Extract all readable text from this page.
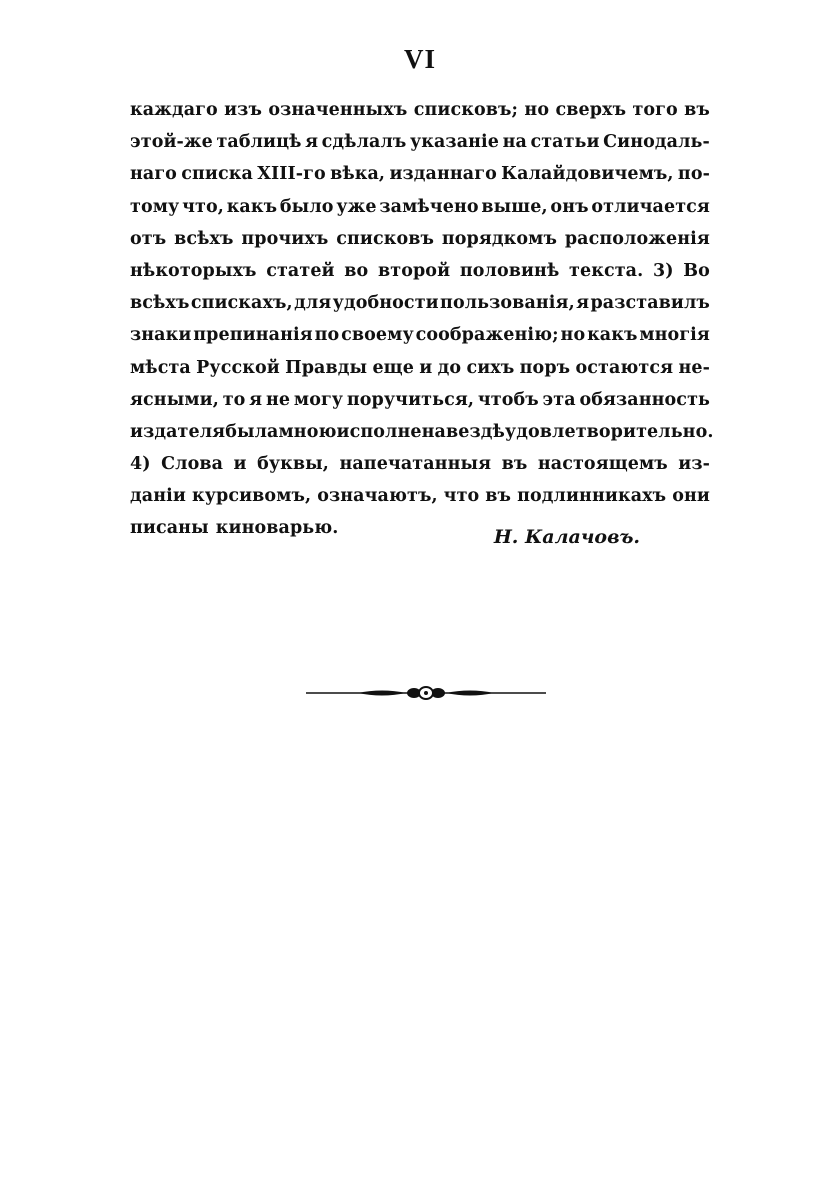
VI
каждаго изъ означенныхъ списковъ; но сверхъ того въ
этой-же таблицѣ я сдѣлалъ указаніе на статьи Синодаль-
наго списка XIII-го вѣка, изданнаго Калайдовичемъ, по-
тому что, какъ было уже замѣчено выше, онъ отличается
отъ всѣхъ прочихъ списковъ порядкомъ расположенія
нѣкоторыхъ статей во второй половинѣ текста. 3) Во
всѣхъ спискахъ, для удобности пользованія, я разставилъ
знаки препинанія по своему соображенію; но какъ многія
мѣста Русской Правды еще и до сихъ поръ остаются не-
ясными, то я не могу поручиться, чтобъ эта обязанность
издателя была мною исполнена вездѣ удовлетворительно.
4) Слова и буквы, напечатанныя въ настоящемъ из-
даніи курсивомъ, означаютъ, что въ подлинникахъ они
писаны киноварью.	Н. Калачовъ.
